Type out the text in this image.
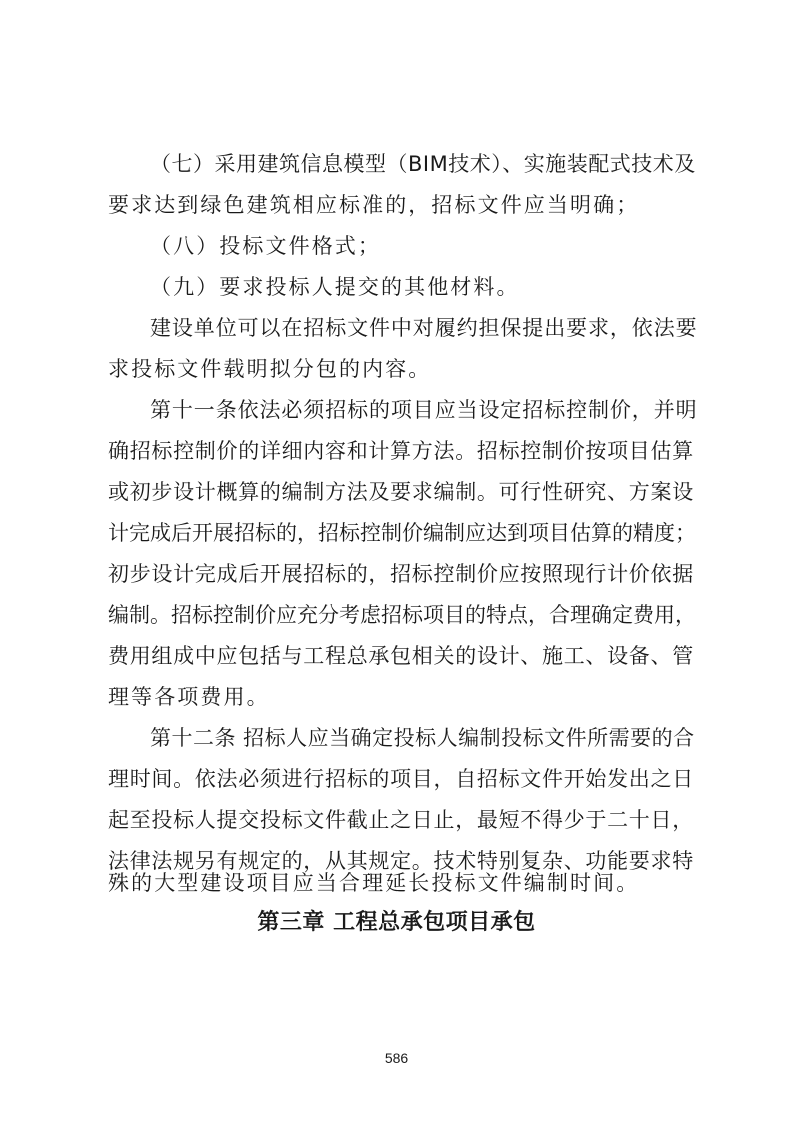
（七）采用建筑信息模型（BIM技术）、实施装配式技术及
要求达到绿色建筑相应标准的，招标文件应当明确；
（八）投标文件格式；
（九）要求投标人提交的其他材料。
建设单位可以在招标文件中对履约担保提出要求，依法要
求投标文件载明拟分包的内容。
第十一条依法必须招标的项目应当设定招标控制价，并明
确招标控制价的详细内容和计算方法。招标控制价按项目估算
或初步设计概算的编制方法及要求编制。可行性研究、方案设
计完成后开展招标的，招标控制价编制应达到项目估算的精度；
初步设计完成后开展招标的，招标控制价应按照现行计价依据
编制。招标控制价应充分考虑招标项目的特点，合理确定费用，
费用组成中应包括与工程总承包相关的设计、施工、设备、管
理等各项费用。
第十二条 招标人应当确定投标人编制投标文件所需要的合
理时间。依法必须进行招标的项目，自招标文件开始发出之日
起至投标人提交投标文件截止之日止，最短不得少于二十日，
法律法规另有规定的，从其规定。技术特别复杂、功能要求特
殊的大型建设项目应当合理延长投标文件编制时间。
第三章 工程总承包项目承包
586
